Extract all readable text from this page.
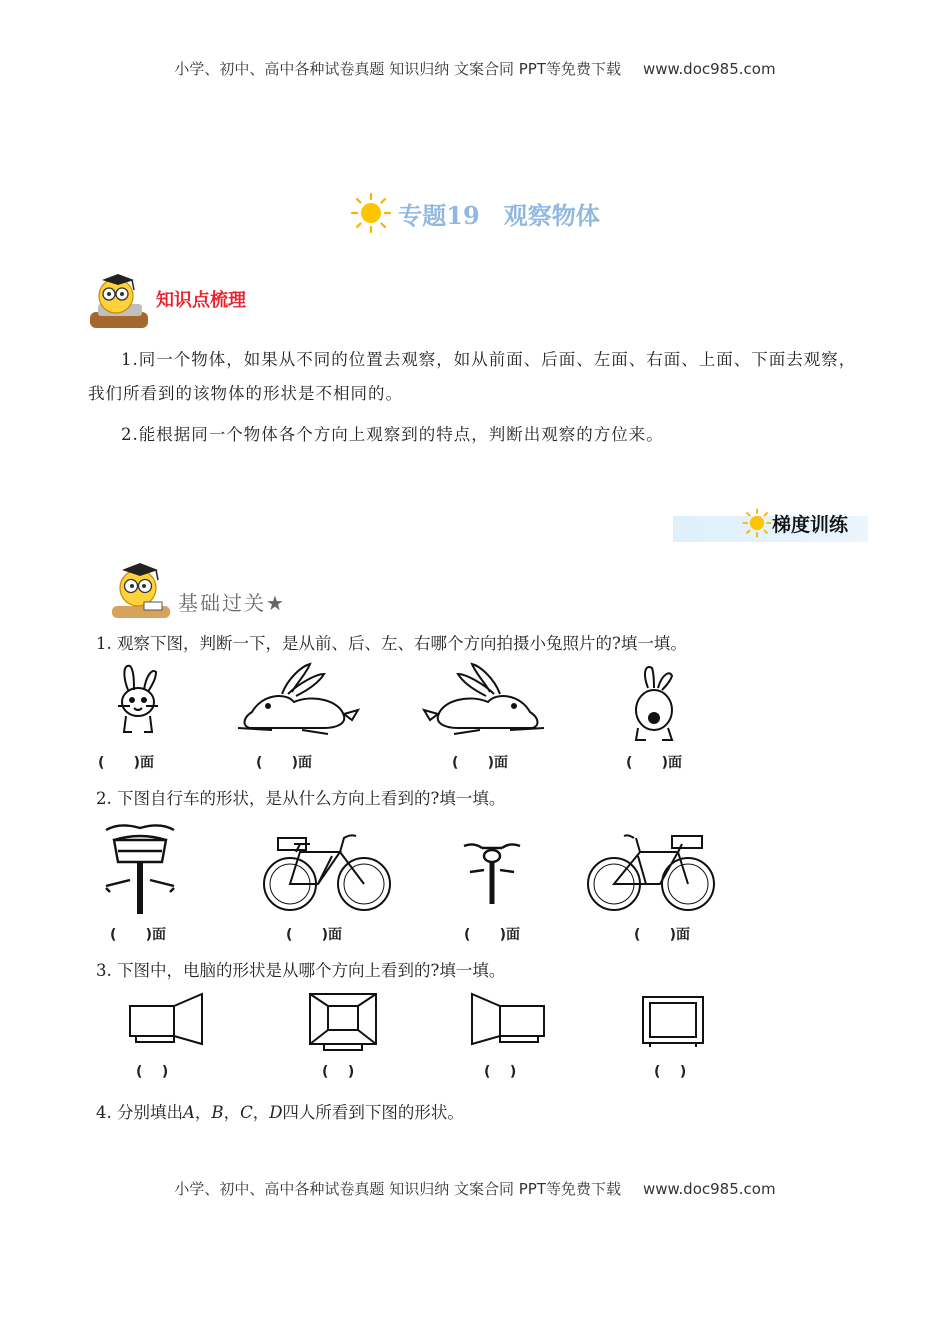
小学、初中、高中各种试卷真题 知识归纳 文案合同 PPT等免费下载 www.doc985.com
专题19 观察物体
知识点梳理
1.同一个物体，如果从不同的位置去观察，如从前面、后面、左面、右面、上面、下面去观察，我们所看到的该物体的形状是不相同的。
2.能根据同一个物体各个方向上观察到的特点，判断出观察的方位来。
梯度训练
基础过关★
1. 观察下图，判断一下，是从前、后、左、右哪个方向拍摄小兔照片的?填一填。
(      )面	(      )面	(      )面	(      )面
2. 下图自行车的形状，是从什么方向上看到的?填一填。
(      )面	(      )面	(      )面	(      )面
3. 下图中，电脑的形状是从哪个方向上看到的?填一填。
(    )	(    )	(    )	(    )
4. 分别填出A，B，C，D四人所看到下图的形状。
小学、初中、高中各种试卷真题 知识归纳 文案合同 PPT等免费下载 www.doc985.com
